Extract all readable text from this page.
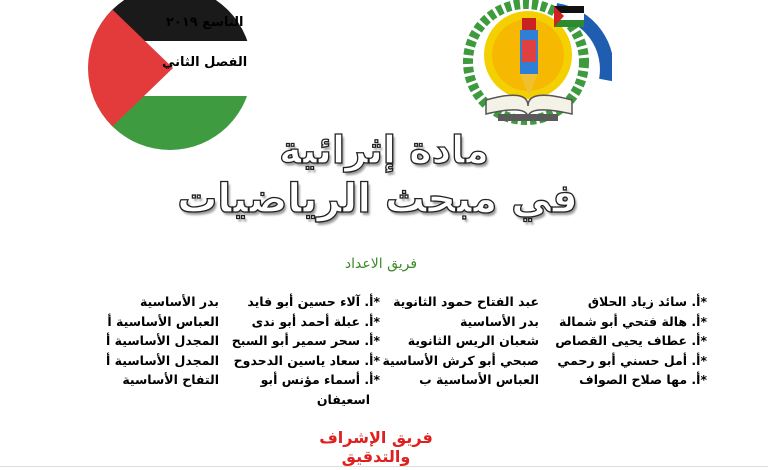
التاسع ٢٠١٩
الفصل الثاني
مادة إثرائية
في مبحث الرياضيات
فريق الاعداد
*أ. سائد زياد الحلاق
*أ. هالة فتحي أبو شمالة
*أ. عطاف يحيى القصاص
*أ. أمل حسني أبو رحمي
*أ. مها صلاح الصواف
عبد الفتاح حمود الثانوية
بدر الأساسية
شعبان الريس الثانوية
صبحي أبو كرش الأساسية
العباس الأساسية ب
*أ. آلاء حسين أبو فايد
*أ. عبلة أحمد أبو ندى
*أ. سحر سمير أبو السبح
*أ. سعاد ياسين الدحدوح
*أ. أسماء مؤنس أبو
اسعيفان
بدر الأساسية
العباس الأساسية أ
المجدل الأساسية أ
المجدل الأساسية أ
التفاح الأساسية
فريق الإشراف والتدقيق
